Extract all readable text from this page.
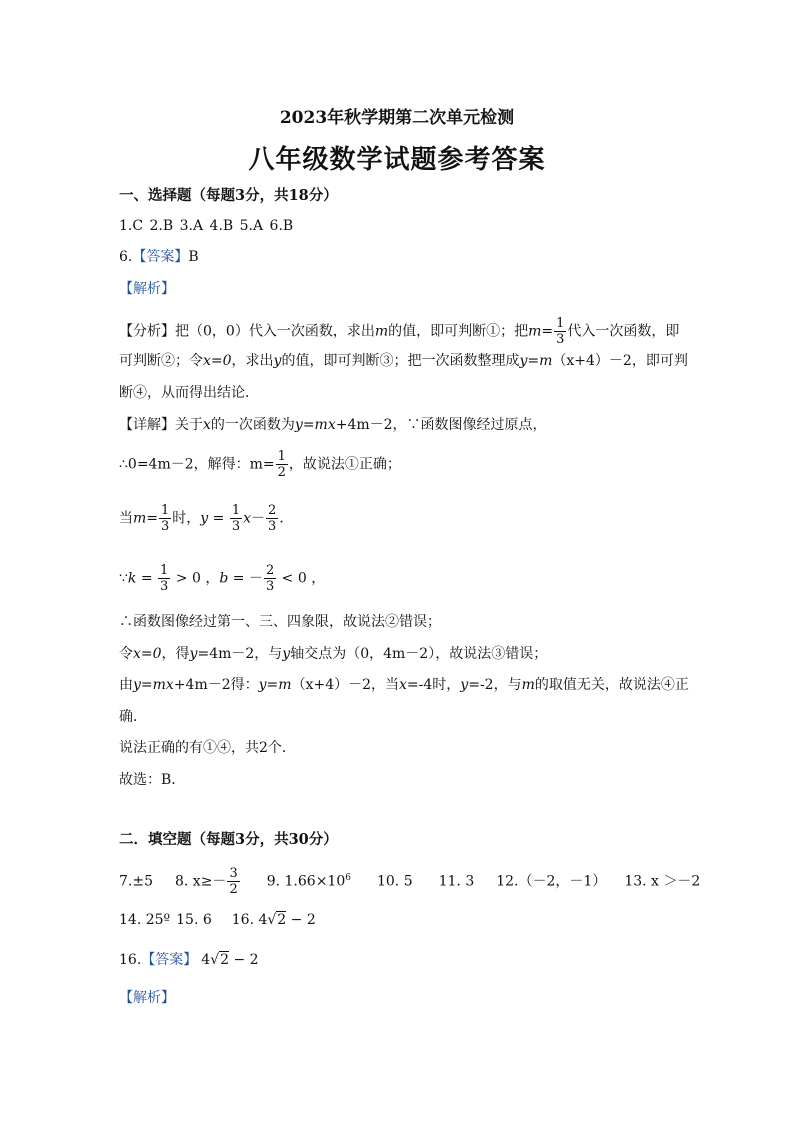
2023年秋学期第二次单元检测
八年级数学试题参考答案
一、选择题（每题3分，共18分）
1.C 2.B 3.A 4.B 5.A 6.B
6.【答案】B
【解析】
【分析】把（0，0）代入一次函数，求出m的值，即可判断①；把$m= \frac{1}{3}$ 代入一次函数，即
可判断②；令x=0，求出y的值，即可判断③；把一次函数整理成y=m（x+4）－2，即可判
断④，从而得出结论．
【详解】关于x的一次函数为y=mx+4m－2，∵函数图像经过原点，
∴0=4m－2，解得：$m= \frac{1}{2}$ ，故说法①正确；
当$m= \frac{1}{3}$ 时，$y = \frac{1}{3} x- \frac{2}{3}$ ．
∵k = $\frac{1}{3} > 0$ ，b = － $\frac{2}{3} < 0$ ，
∴函数图像经过第一、三、四象限，故说法②错误；
令x=0，得y=4m－2，与y轴交点为（0，4m－2），故说法③错误；
由y=mx+4m－2得：y=m（x+4）－2，当x=-4时，y=-2，与m的取值无关，故说法④正
确．
说法正确的有①④，共2个．
故选：B．
二．填空题（每题3分，共30分）
7.±5 8. $x\ge- \frac{3}{2} 9$. $1.66\times 10^6$ 10. 5 11. 3 12.（－2，－1） 13. x ＞－2
14. 25º 15. 6 16. 4√2 − 2
16.【答案】 4√2 − 2
【解析】
